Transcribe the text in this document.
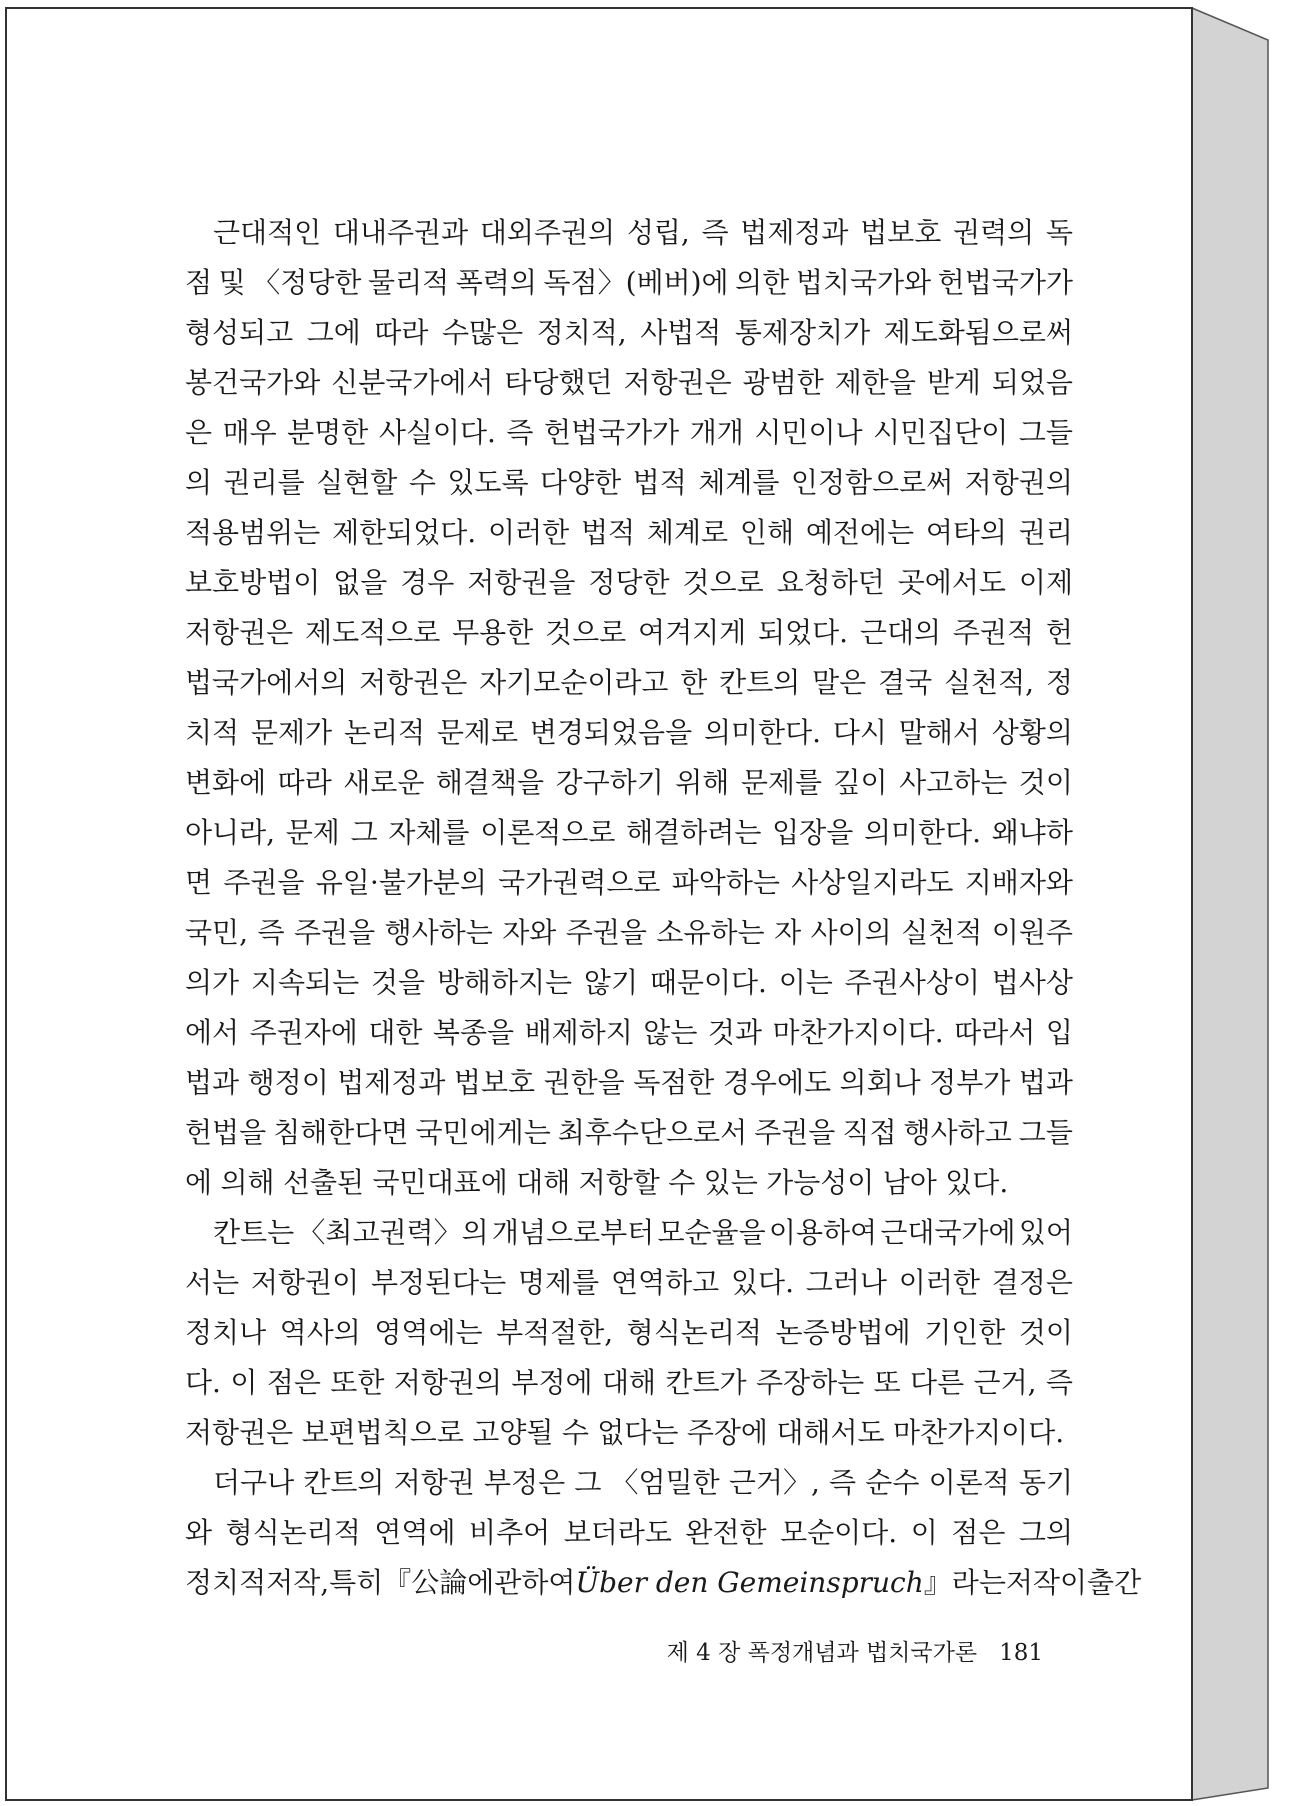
근대적인 대내주권과 대외주권의 성립, 즉 법제정과 법보호 권력의 독
점 및 〈정당한 물리적 폭력의 독점〉(베버)에 의한 법치국가와 헌법국가가
형성되고 그에 따라 수많은 정치적, 사법적 통제장치가 제도화됨으로써
봉건국가와 신분국가에서 타당했던 저항권은 광범한 제한을 받게 되었음
은 매우 분명한 사실이다. 즉 헌법국가가 개개 시민이나 시민집단이 그들
의 권리를 실현할 수 있도록 다양한 법적 체계를 인정함으로써 저항권의
적용범위는 제한되었다. 이러한 법적 체계로 인해 예전에는 여타의 권리
보호방법이 없을 경우 저항권을 정당한 것으로 요청하던 곳에서도 이제
저항권은 제도적으로 무용한 것으로 여겨지게 되었다. 근대의 주권적 헌
법국가에서의 저항권은 자기모순이라고 한 칸트의 말은 결국 실천적, 정
치적 문제가 논리적 문제로 변경되었음을 의미한다. 다시 말해서 상황의
변화에 따라 새로운 해결책을 강구하기 위해 문제를 깊이 사고하는 것이
아니라, 문제 그 자체를 이론적으로 해결하려는 입장을 의미한다. 왜냐하
면 주권을 유일·불가분의 국가권력으로 파악하는 사상일지라도 지배자와
국민, 즉 주권을 행사하는 자와 주권을 소유하는 자 사이의 실천적 이원주
의가 지속되는 것을 방해하지는 않기 때문이다. 이는 주권사상이 법사상
에서 주권자에 대한 복종을 배제하지 않는 것과 마찬가지이다. 따라서 입
법과 행정이 법제정과 법보호 권한을 독점한 경우에도 의회나 정부가 법과
헌법을 침해한다면 국민에게는 최후수단으로서 주권을 직접 행사하고 그들
에 의해 선출된 국민대표에 대해 저항할 수 있는 가능성이 남아 있다.
칸트는 〈최고권력〉의 개념으로부터 모순율을 이용하여 근대국가에 있어
서는 저항권이 부정된다는 명제를 연역하고 있다. 그러나 이러한 결정은
정치나 역사의 영역에는 부적절한, 형식논리적 논증방법에 기인한 것이
다. 이 점은 또한 저항권의 부정에 대해 칸트가 주장하는 또 다른 근거, 즉
저항권은 보편법칙으로 고양될 수 없다는 주장에 대해서도 마찬가지이다.
더구나 칸트의 저항권 부정은 그 〈엄밀한 근거〉, 즉 순수 이론적 동기
와 형식논리적 연역에 비추어 보더라도 완전한 모순이다. 이 점은 그의
정치적 저작, 특히 『公論에 관하여 Über den Gemeinspruch』라는 저작이 출간
제 4 장 폭정개념과 법치국가론 181
